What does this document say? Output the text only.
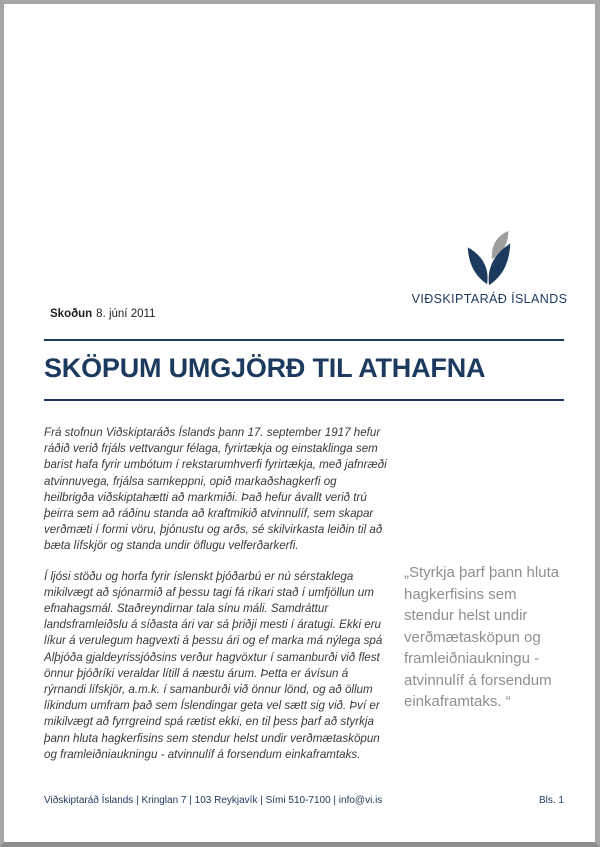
VIÐSKIPTARÁÐ ÍSLANDS
Skoðun 8. júní 2011
SKÖPUM UMGJÖRÐ TIL ATHAFNA

Frá stofnun Viðskiptaráðs Íslands þann 17. september 1917 hefur ráðið verið frjáls vettvangur félaga, fyrirtækja og einstaklinga sem barist hafa fyrir umbótum í rekstarumhverfi fyrirtækja, með jafnræði atvinnuvega, frjálsa samkeppni, opið markaðshagkerfi og heilbrigða viðskiptahætti að markmiði. Það hefur ávallt verið trú þeirra sem að ráðinu standa að kraftmikið atvinnulíf, sem skapar verðmæti í formi vöru, þjónustu og arðs, sé skilvirkasta leiðin til að bæta lífskjör og standa undir öflugu velferðarkerfi.

Í ljósi stöðu og horfa fyrir íslenskt þjóðarbú er nú sérstaklega mikilvægt að sjónarmið af þessu tagi fá ríkari stað í umfjöllun um efnahagsmál. Staðreyndirnar tala sínu máli. Samdráttur landsframleiðslu á síðasta ári var sá þriðji mesti í áratugi. Ekki eru líkur á verulegum hagvexti á þessu ári og ef marka má nýlega spá Alþjóða gjaldeyrissjóðsins verður hagvöxtur í samanburði við flest önnur þjóðríki veraldar lítill á næstu árum. Þetta er ávísun á rýrnandi lífskjör, a.m.k. í samanburði við önnur lönd, og að öllum líkindum umfram það sem Íslendingar geta vel sætt sig við. Því er mikilvægt að fyrrgreind spá rætist ekki, en til þess þarf að styrkja þann hluta hagkerfisins sem stendur helst undir verðmætasköpun og framleiðniaukningu - atvinnulíf á forsendum einkaframtaks.

„Styrkja þarf þann hluta hagkerfisins sem stendur helst undir verðmætasköpun og framleiðniaukningu - atvinnulíf á forsendum einkaframtaks. “
Viðskiptaráð Íslands | Kringlan 7 | 103 Reykjavík | Sími 510-7100 | info@vi.is	Bls. 1
